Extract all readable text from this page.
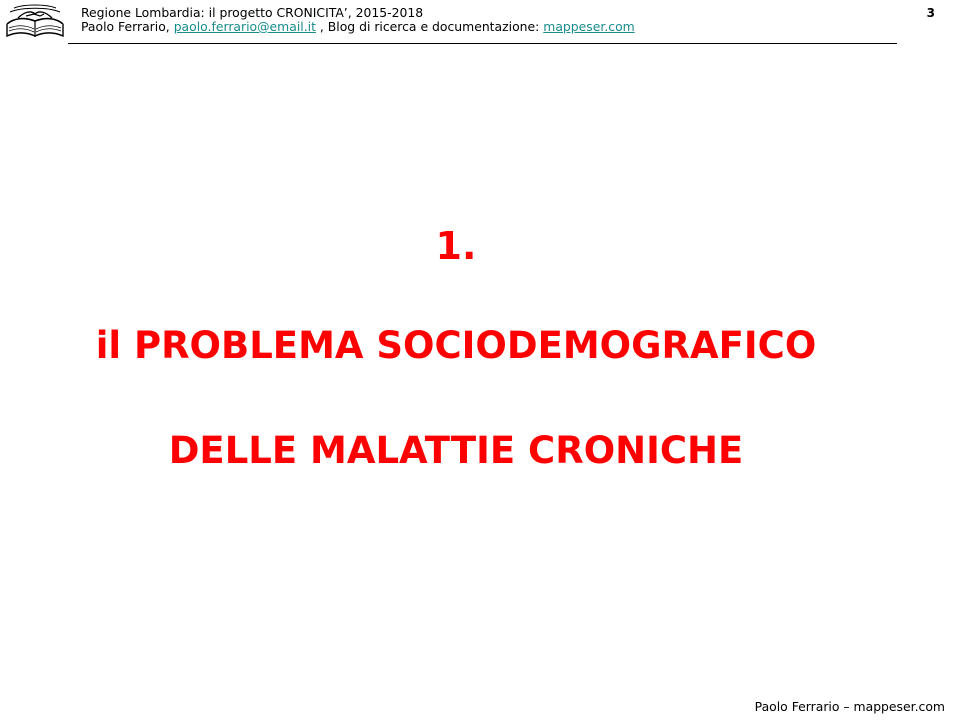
Regione Lombardia: il progetto CRONICITA’, 2015-2018
Paolo Ferrario, paolo.ferrario@email.it , Blog di ricerca e documentazione: mappeser.com
3
1.
il PROBLEMA SOCIODEMOGRAFICO
DELLE MALATTIE CRONICHE
Paolo Ferrario – mappeser.com
